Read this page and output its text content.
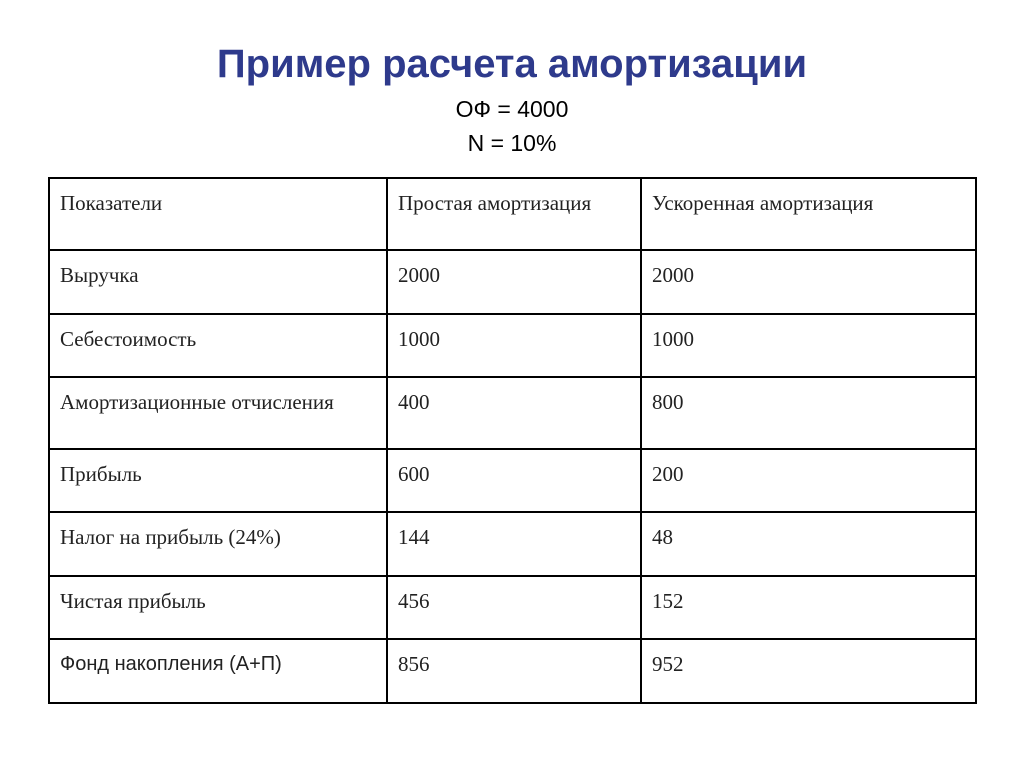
Пример расчета амортизации
ОФ = 4000
N = 10%
Показатели	Простая амортизация	Ускоренная амортизация
Выручка	2000	2000
Себестоимость	1000	1000
Амортизационные отчисления	400	800
Прибыль	600	200
Налог на прибыль (24%)	144	48
Чистая прибыль	456	152
Фонд накопления (А+П)	856	952
